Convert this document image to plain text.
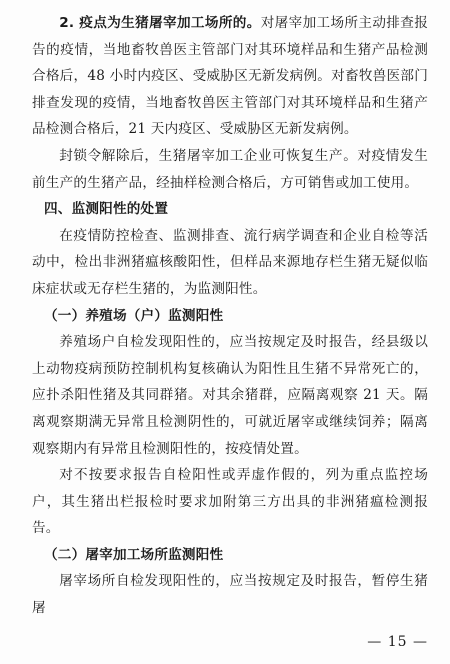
2. 疫点为生猪屠宰加工场所的。对屠宰加工场所主动排查报告的疫情，当地畜牧兽医主管部门对其环境样品和生猪产品检测合格后，48 小时内疫区、受威胁区无新发病例。对畜牧兽医部门排查发现的疫情，当地畜牧兽医主管部门对其环境样品和生猪产品检测合格后，21 天内疫区、受威胁区无新发病例。

封锁令解除后，生猪屠宰加工企业可恢复生产。对疫情发生前生产的生猪产品，经抽样检测合格后，方可销售或加工使用。

四、监测阳性的处置

在疫情防控检查、监测排查、流行病学调查和企业自检等活动中，检出非洲猪瘟核酸阳性，但样品来源地存栏生猪无疑似临床症状或无存栏生猪的，为监测阳性。

（一）养殖场（户）监测阳性

养殖场户自检发现阳性的，应当按规定及时报告，经县级以上动物疫病预防控制机构复核确认为阳性且生猪不异常死亡的，应扑杀阳性猪及其同群猪。对其余猪群，应隔离观察 21 天。隔离观察期满无异常且检测阴性的，可就近屠宰或继续饲养；隔离观察期内有异常且检测阳性的，按疫情处置。

对不按要求报告自检阳性或弄虚作假的，列为重点监控场户，其生猪出栏报检时要求加附第三方出具的非洲猪瘟检测报告。

（二）屠宰加工场所监测阳性

屠宰场所自检发现阳性的，应当按规定及时报告，暂停生猪屠

— 15 —
